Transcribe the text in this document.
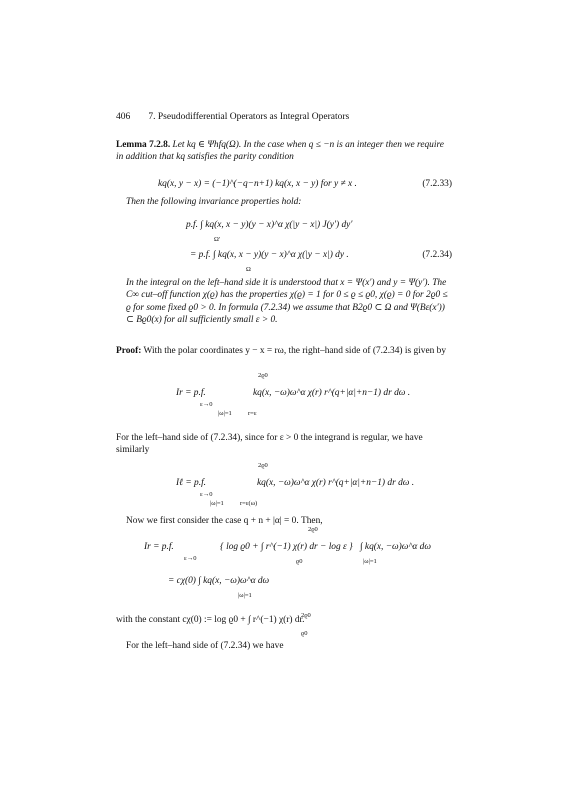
406 7. Pseudodifferential Operators as Integral Operators
Lemma 7.2.8. Let kq ∈ Ψhfq(Ω). In the case when q ≤ −n is an integer then we require in addition that kq satisfies the parity condition
kq(x, y − x) = (−1)^(−q−n+1) kq(x, x − y) for y ≠ x .	(7.2.33)
Then the following invariance properties hold:
p.f. ∫ kq(x, x − y)(y − x)^α χ(|y − x|) J(y′) dy′
Ω′
= p.f. ∫ kq(x, x − y)(y − x)^α χ(|y − x|) dy .
Ω
(7.2.34)
In the integral on the left–hand side it is understood that x = Ψ(x′) and y = Ψ(y′). The C∞ cut–off function χ(ϱ) has the properties χ(ϱ) = 1 for 0 ≤ ϱ ≤ ϱ0, χ(ϱ) = 0 for 2ϱ0 ≤ ϱ for some fixed ϱ0 > 0. In formula (7.2.34) we assume that B2ϱ0 ⊂ Ω and Ψ(Bε(x′)) ⊂ Bϱ0(x) for all sufficiently small ε > 0.
Proof: With the polar coordinates y − x = rω, the right–hand side of (7.2.34) is given by
2ϱ0
Ir = p.f.
ε→0
kq(x, −ω)ω^α χ(r) r^(q+|α|+n−1) dr dω .
|ω|=1 r=ε
For the left–hand side of (7.2.34), since for ε > 0 the integrand is regular, we have similarly
2ϱ0
Iℓ = p.f.
ε→0
kq(x, −ω)ω^α χ(r) r^(q+|α|+n−1) dr dω .
|ω|=1 r=ε(ω)
Now we first consider the case q + n + |α| = 0. Then,
2ϱ0
Ir = p.f.
ε→0
{ log ϱ0 + ∫ r^(−1) χ(r) dr − log ε }
ϱ0
∫ kq(x, −ω)ω^α dω
|ω|=1
= cχ(0) ∫ kq(x, −ω)ω^α dω
|ω|=1
2ϱ0
with the constant cχ(0) := log ϱ0 + ∫ r^(−1) χ(r) dr.
ϱ0
For the left–hand side of (7.2.34) we have
